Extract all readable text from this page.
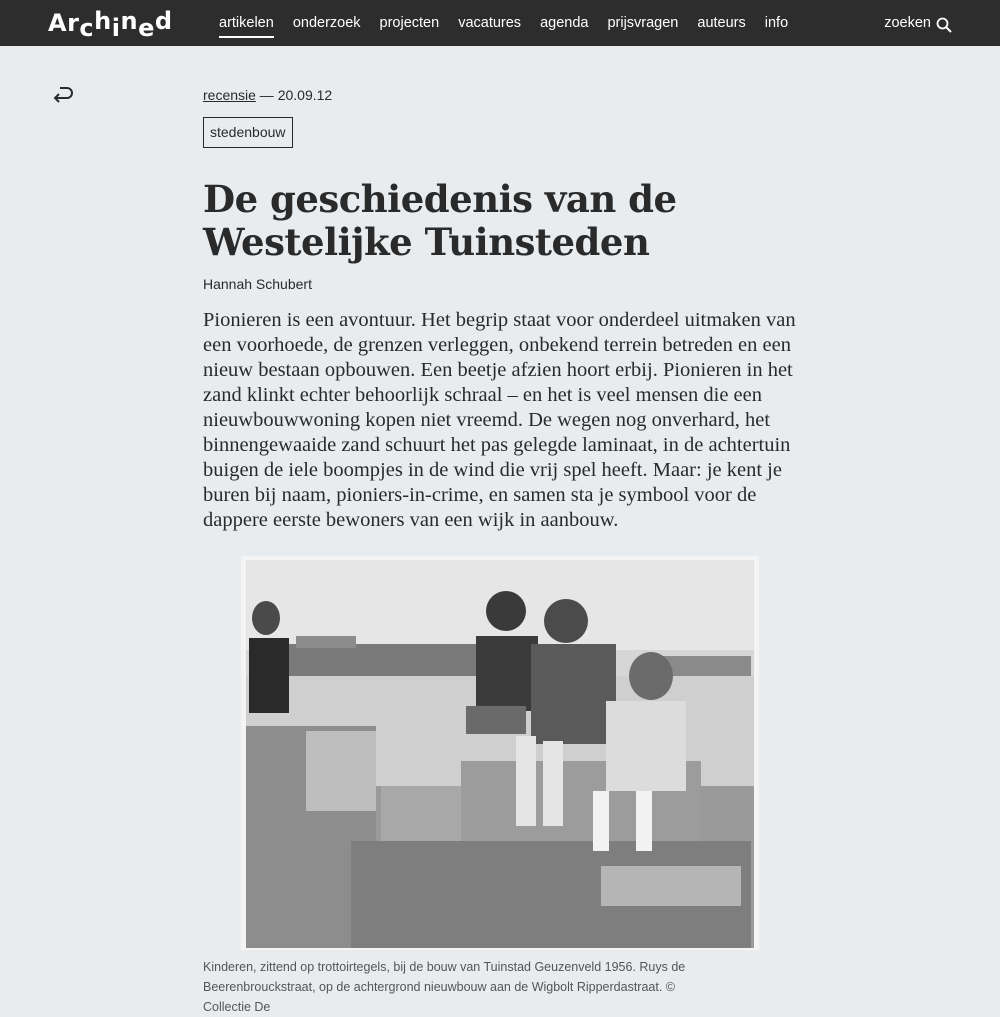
Ar c h i n e d	artikelen onderzoek projecten vacatures agenda prijsvragen auteurs info	zoeken
recensie — 20.09.12
stedenbouw
De geschiedenis van de Westelijke Tuinsteden
Hannah Schubert

Pionieren is een avontuur. Het begrip staat voor onderdeel uitmaken van een voorhoede, de grenzen verleggen, onbekend terrein betreden en een nieuw bestaan opbouwen. Een beetje afzien hoort erbij. Pionieren in het zand klinkt echter behoorlijk schraal – en het is veel mensen die een nieuwbouwwoning kopen niet vreemd. De wegen nog onverhard, het binnengewaaide zand schuurt het pas gelegde laminaat, in de achtertuin buigen de iele boompjes in de wind die vrij spel heeft. Maar: je kent je buren bij naam, pioniers-in-crime, en samen sta je symbool voor de dappere eerste bewoners van een wijk in aanbouw.

Kinderen, zittend op trottoirtegels, bij de bouw van Tuinstad Geuzenveld 1956. Ruys de Beerenbrouckstraat, op de achtergrond nieuwbouw aan de Wigbolt Ripperdastraat. © Collectie De
